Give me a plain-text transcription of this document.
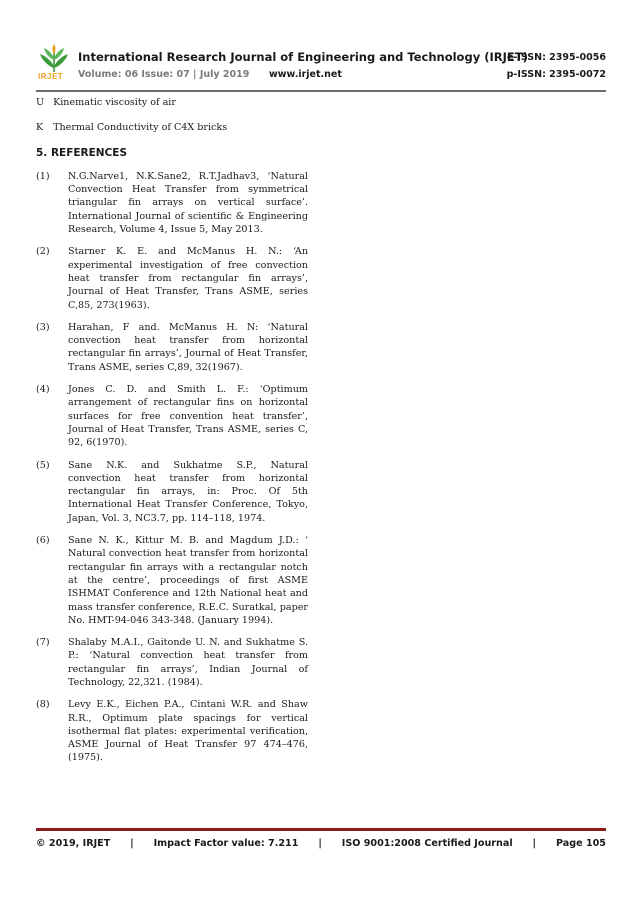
IRJET
International Research Journal of Engineering and Technology (IRJET)
e-ISSN: 2395-0056
Volume: 06 Issue: 07 | July 2019 www.irjet.net	p-ISSN: 2395-0072
U Kinematic viscosity of air
K Thermal Conductivity of C4X bricks
5. REFERENCES
(1)	N.G.Narve1, N.K.Sane2, R.T.Jadhav3, ‘Natural Convection Heat Transfer from symmetrical triangular fin arrays on vertical surface’. International Journal of scientific & Engineering Research, Volume 4, Issue 5, May 2013.
(2)	Starner K. E. and McManus H. N.: ‘An experimental investigation of free convection heat transfer from rectangular fin arrays’, Journal of Heat Transfer, Trans ASME, series C,85, 273(1963).
(3)	Harahan, F and. McManus H. N: ‘Natural convection heat transfer from horizontal rectangular fin arrays’, Journal of Heat Transfer, Trans ASME, series C,89, 32(1967).
(4)	Jones C. D. and Smith L. F.: ‘Optimum arrangement of rectangular fins on horizontal surfaces for free convention heat transfer’, Journal of Heat Transfer, Trans ASME, series C, 92, 6(1970).
(5)	Sane N.K. and Sukhatme S.P., Natural convection heat transfer from horizontal rectangular fin arrays, in: Proc. Of 5th International Heat Transfer Conference, Tokyo, Japan, Vol. 3, NC3.7, pp. 114–118, 1974.
(6)	Sane N. K., Kittur M. B. and Magdum J.D.: ‘ Natural convection heat transfer from horizontal rectangular fin arrays with a rectangular notch at the centre’, proceedings of first ASME ISHMAT Conference and 12th National heat and mass transfer conference, R.E.C. Suratkal, paper No. HMT-94-046 343-348. (January 1994).
(7)	Shalaby M.A.I., Gaitonde U. N. and Sukhatme S. P.: ‘Natural convection heat transfer from rectangular fin arrays’, Indian Journal of Technology, 22,321. (1984).
(8)	Levy E.K., Eichen P.A., Cintani W.R. and Shaw R.R., Optimum plate spacings for vertical isothermal flat plates: experimental verification, ASME Journal of Heat Transfer 97 474–476,(1975).
© 2019, IRJET | Impact Factor value: 7.211 | ISO 9001:2008 Certified Journal | Page 105
